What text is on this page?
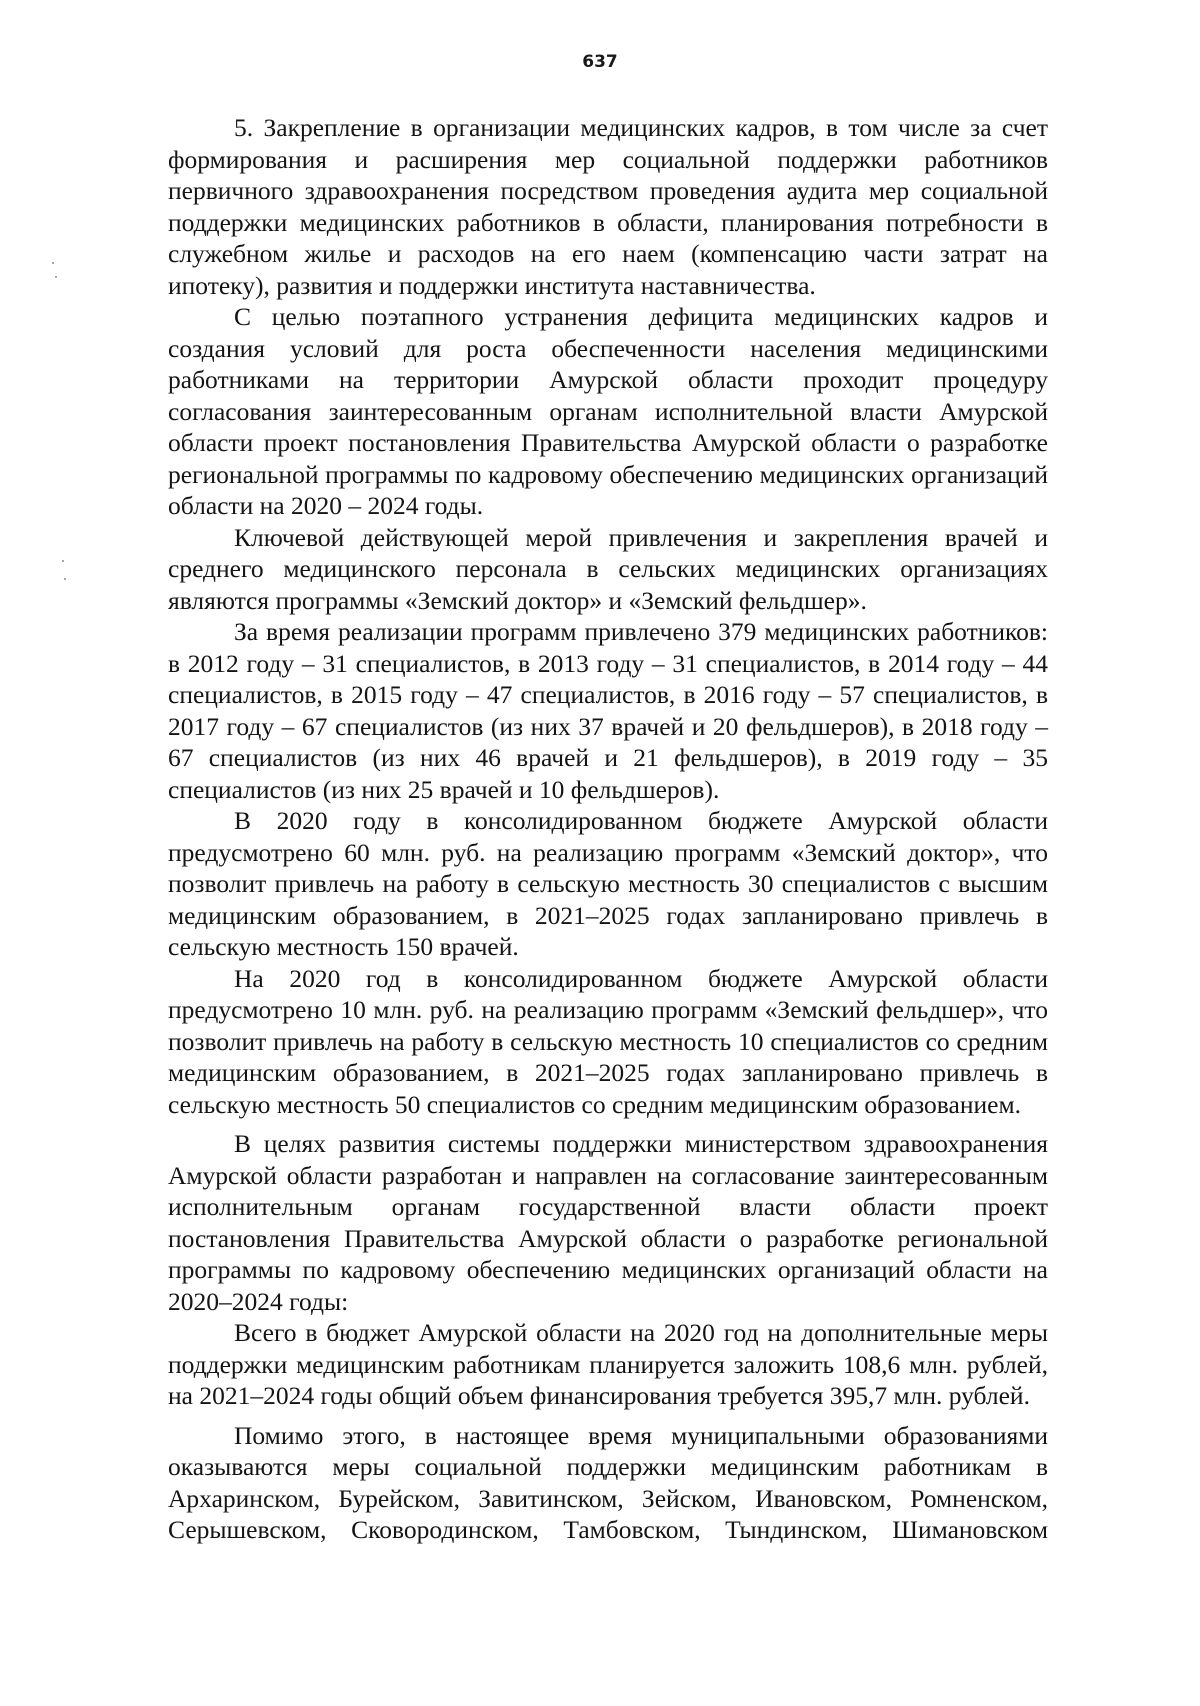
637

5. Закрепление в организации медицинских кадров, в том числе за счет формирования и расширения мер социальной поддержки работников первичного здравоохранения посредством проведения аудита мер социальной поддержки медицинских работников в области, планирования потребности в служебном жилье и расходов на его наем (компенсацию части затрат на ипотеку), развития и поддержки института наставничества.

С целью поэтапного устранения дефицита медицинских кадров и создания условий для роста обеспеченности населения медицинскими работниками на территории Амурской области проходит процедуру согласования заинтересованным органам исполнительной власти Амурской области проект постановления Правительства Амурской области о разработке региональной программы по кадровому обеспечению медицинских организаций области на 2020 – 2024 годы.

Ключевой действующей мерой привлечения и закрепления врачей и среднего медицинского персонала в сельских медицинских организациях являются программы «Земский доктор» и «Земский фельдшер».

За время реализации программ привлечено 379 медицинских работников: в 2012 году – 31 специалистов, в 2013 году – 31 специалистов, в 2014 году – 44 специалистов, в 2015 году – 47 специалистов, в 2016 году – 57 специалистов, в 2017 году – 67 специалистов (из них 37 врачей и 20 фельдшеров), в 2018 году – 67 специалистов (из них 46 врачей и 21 фельдшеров), в 2019 году – 35 специалистов (из них 25 врачей и 10 фельдшеров).

В 2020 году в консолидированном бюджете Амурской области предусмотрено 60 млн. руб. на реализацию программ «Земский доктор», что позволит привлечь на работу в сельскую местность 30 специалистов с высшим медицинским образованием, в 2021–2025 годах запланировано привлечь в сельскую местность 150 врачей.

На 2020 год в консолидированном бюджете Амурской области предусмотрено 10 млн. руб. на реализацию программ «Земский фельдшер», что позволит привлечь на работу в сельскую местность 10 специалистов со средним медицинским образованием, в 2021–2025 годах запланировано привлечь в сельскую местность 50 специалистов со средним медицинским образованием.

В целях развития системы поддержки министерством здравоохранения Амурской области разработан и направлен на согласование заинтересованным исполнительным органам государственной власти области проект постановления Правительства Амурской области о разработке региональной программы по кадровому обеспечению медицинских организаций области на 2020–2024 годы:

Всего в бюджет Амурской области на 2020 год на дополнительные меры поддержки медицинским работникам планируется заложить 108,6 млн. рублей, на 2021–2024 годы общий объем финансирования требуется 395,7 млн. рублей.

Помимо этого, в настоящее время муниципальными образованиями оказываются меры социальной поддержки медицинским работникам в Архаринском, Бурейском, Завитинском, Зейском, Ивановском, Ромненском, Серышевском, Сковородинском, Тамбовском, Тындинском, Шимановском
